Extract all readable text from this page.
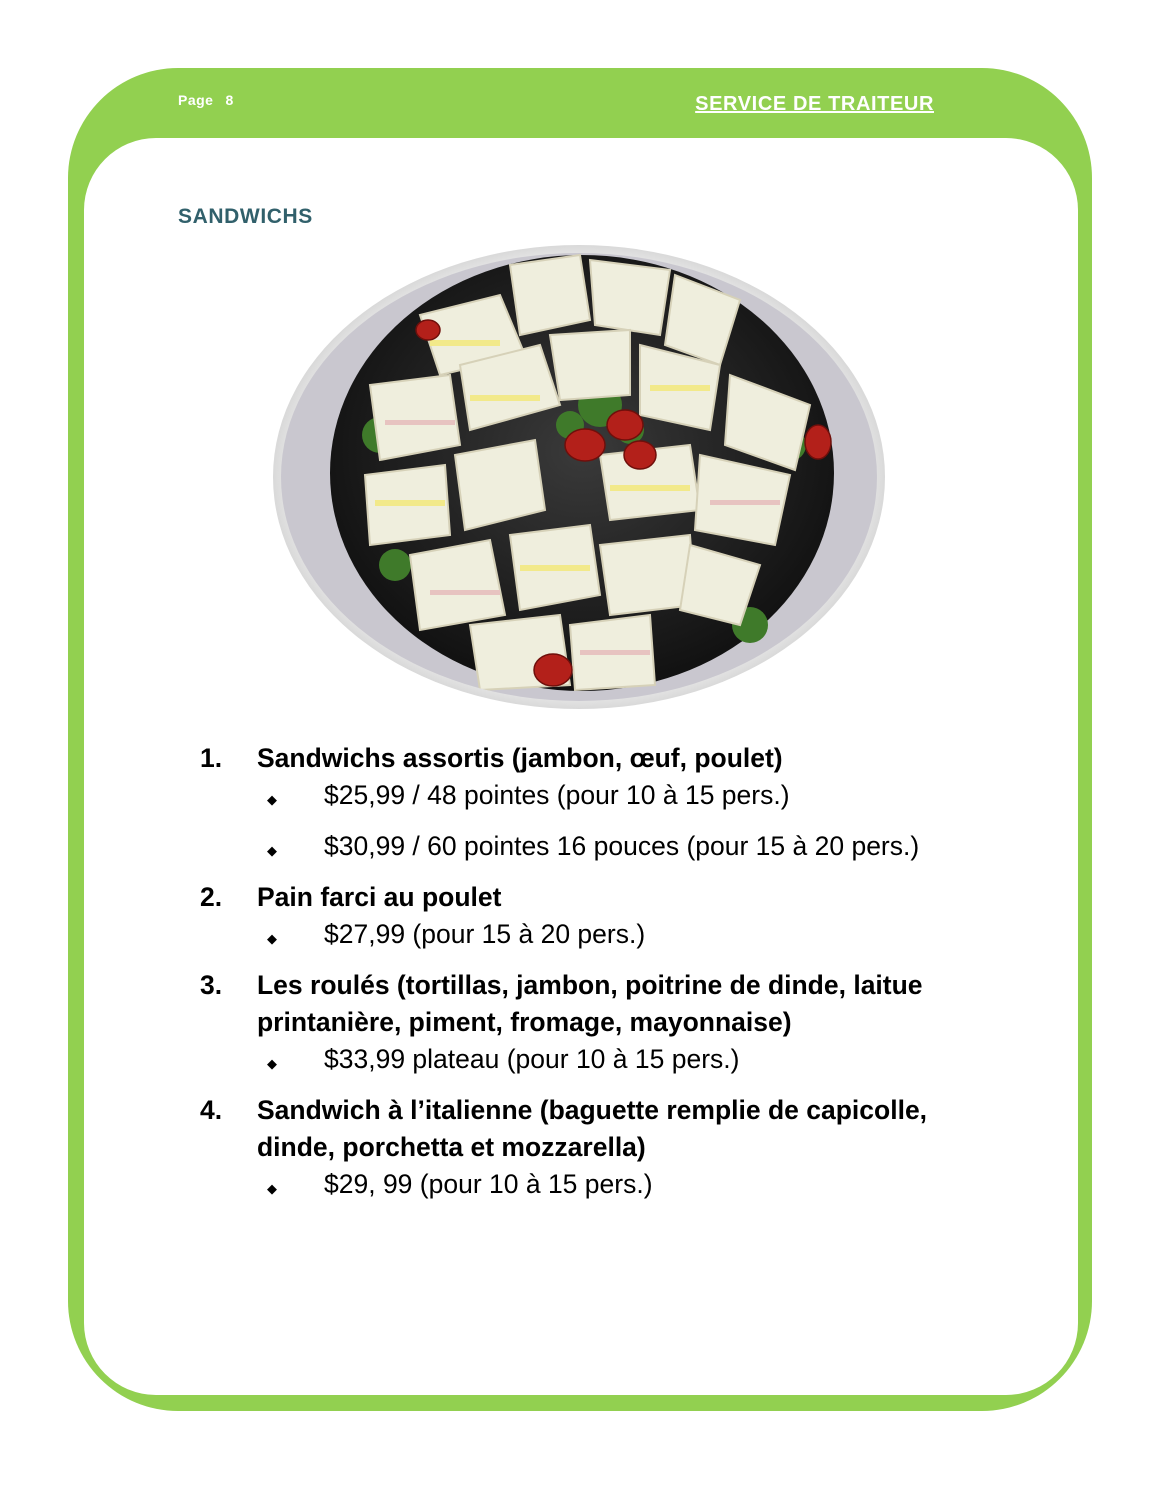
Page 8	SERVICE DE TRAITEUR
SANDWICHS
1.	Sandwichs assortis (jambon, œuf, poulet)
◆	$25,99 / 48 pointes (pour 10 à 15 pers.)
◆	$30,99 / 60 pointes 16 pouces (pour 15 à 20 pers.)
2.	Pain farci au poulet
◆	$27,99 (pour 15 à 20 pers.)
3.	Les roulés (tortillas, jambon, poitrine de dinde, laitue printanière, piment, fromage, mayonnaise)
◆	$33,99 plateau (pour 10 à 15 pers.)
4.	Sandwich à l’italienne (baguette remplie de capicolle, dinde, porchetta et mozzarella)
◆	$29, 99 (pour 10 à 15 pers.)
